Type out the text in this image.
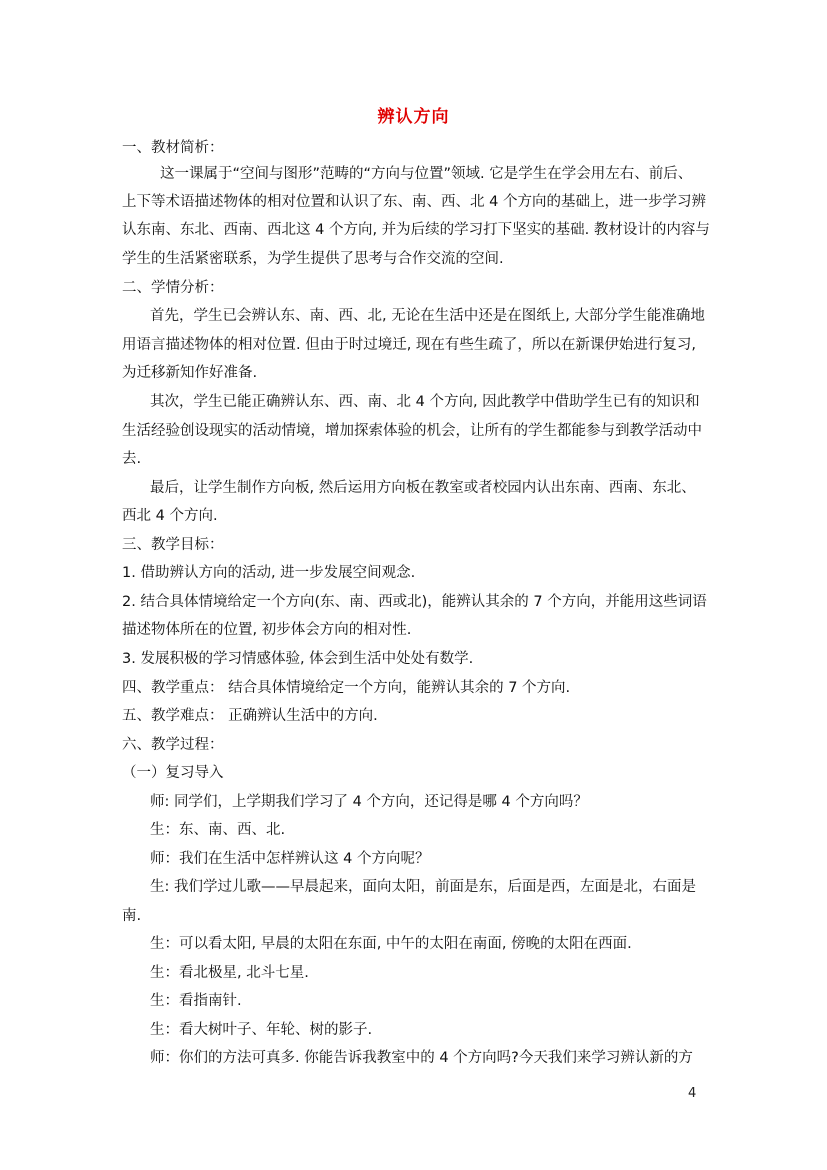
辨认方向
一、教材简析：
这一课属于“空间与图形”范畴的“方向与位置”领域. 它是学生在学会用左右、前后、
上下等术语描述物体的相对位置和认识了东、南、西、北 4 个方向的基础上，进一步学习辨
认东南、东北、西南、西北这 4 个方向, 并为后续的学习打下坚实的基础. 教材设计的内容与
学生的生活紧密联系，为学生提供了思考与合作交流的空间.
二、学情分析：
首先，学生已会辨认东、南、西、北, 无论在生活中还是在图纸上, 大部分学生能准确地
用语言描述物体的相对位置. 但由于时过境迁, 现在有些生疏了，所以在新课伊始进行复习,
为迁移新知作好准备.
其次，学生已能正确辨认东、西、南、北 4 个方向, 因此教学中借助学生已有的知识和
生活经验创设现实的活动情境，增加探索体验的机会，让所有的学生都能参与到教学活动中
去.
最后，让学生制作方向板, 然后运用方向板在教室或者校园内认出东南、西南、东北、
西北 4 个方向.
三、教学目标：
1. 借助辨认方向的活动, 进一步发展空间观念.
2. 结合具体情境给定一个方向(东、南、西或北)，能辨认其余的 7 个方向，并能用这些词语
描述物体所在的位置, 初步体会方向的相对性.
3. 发展积极的学习情感体验, 体会到生活中处处有数学.
四、教学重点： 结合具体情境给定一个方向，能辨认其余的 7 个方向.
五、教学难点： 正确辨认生活中的方向.
六、教学过程：
（一）复习导入
师: 同学们，上学期我们学习了 4 个方向，还记得是哪 4 个方向吗？
生：东、南、西、北.
师：我们在生活中怎样辨认这 4 个方向呢？
生: 我们学过儿歌——早晨起来，面向太阳，前面是东，后面是西，左面是北，右面是
南.
生：可以看太阳, 早晨的太阳在东面, 中午的太阳在南面, 傍晚的太阳在西面.
生：看北极星, 北斗七星.
生：看指南针.
生：看大树叶子、年轮、树的影子.
师：你们的方法可真多. 你能告诉我教室中的 4 个方向吗?今天我们来学习辨认新的方
4
